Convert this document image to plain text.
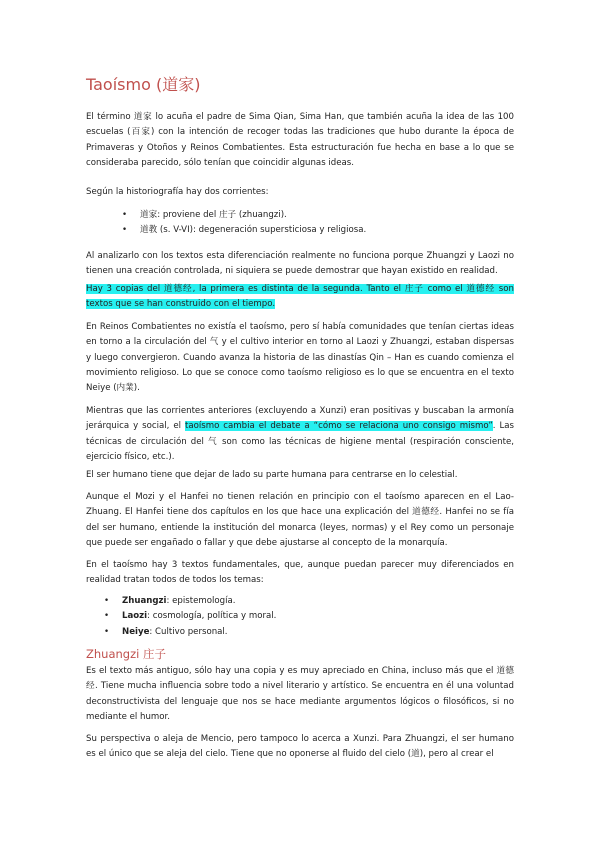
Taoísmo (道家)

El término 道家 lo acuña el padre de Sima Qian, Sima Han, que también acuña la idea de las 100 escuelas (百家) con la intención de recoger todas las tradiciones que hubo durante la época de Primaveras y Otoños y Reinos Combatientes. Esta estructuración fue hecha en base a lo que se consideraba parecido, sólo tenían que coincidir algunas ideas.

Según la historiografía hay dos corrientes:

• 道家: proviene del 庄子 (zhuangzi).
• 道教 (s. V-VI): degeneración supersticiosa y religiosa.

Al analizarlo con los textos esta diferenciación realmente no funciona porque Zhuangzi y Laozi no tienen una creación controlada, ni siquiera se puede demostrar que hayan existido en realidad.

Hay 3 copias del 道德经, la primera es distinta de la segunda. Tanto el 庄子 como el 道德经 son textos que se han construido con el tiempo.

En Reinos Combatientes no existía el taoísmo, pero sí había comunidades que tenían ciertas ideas en torno a la circulación del 气 y el cultivo interior en torno al Laozi y Zhuangzi, estaban dispersas y luego convergieron. Cuando avanza la historia de las dinastías Qin – Han es cuando comienza el movimiento religioso. Lo que se conoce como taoísmo religioso es lo que se encuentra en el texto Neiye (内業).

Mientras que las corrientes anteriores (excluyendo a Xunzi) eran positivas y buscaban la armonía jerárquica y social, el taoísmo cambia el debate a “cómo se relaciona uno consigo mismo”. Las técnicas de circulación del 气 son como las técnicas de higiene mental (respiración consciente, ejercicio físico, etc.).

El ser humano tiene que dejar de lado su parte humana para centrarse en lo celestial.

Aunque el Mozi y el Hanfei no tienen relación en principio con el taoísmo aparecen en el Lao-Zhuang. El Hanfei tiene dos capítulos en los que hace una explicación del 道德经. Hanfei no se fía del ser humano, entiende la institución del monarca (leyes, normas) y el Rey como un personaje que puede ser engañado o fallar y que debe ajustarse al concepto de la monarquía.

En el taoísmo hay 3 textos fundamentales, que, aunque puedan parecer muy diferenciados en realidad tratan todos de todos los temas:

• Zhuangzi: epistemología.
• Laozi: cosmología, política y moral.
• Neiye: Cultivo personal.
Zhuangzi 庄子

Es el texto más antiguo, sólo hay una copia y es muy apreciado en China, incluso más que el 道德经. Tiene mucha influencia sobre todo a nivel literario y artístico. Se encuentra en él una voluntad deconstructivista del lenguaje que nos se hace mediante argumentos lógicos o filosóficos, si no mediante el humor.

Su perspectiva o aleja de Mencio, pero tampoco lo acerca a Xunzi. Para Zhuangzi, el ser humano es el único que se aleja del cielo. Tiene que no oponerse al fluido del cielo (道), pero al crear el
